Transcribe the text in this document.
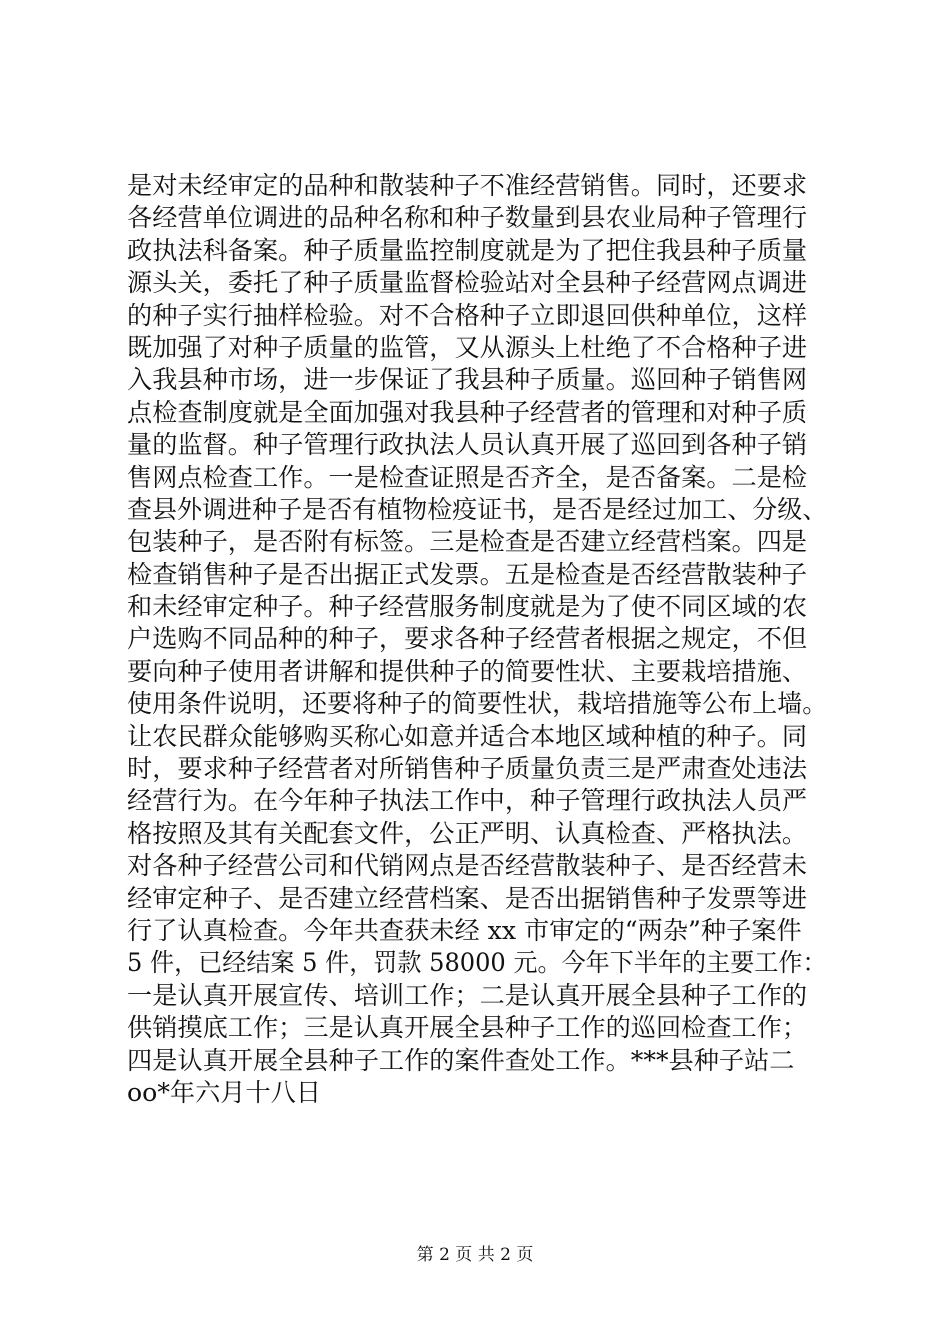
是对未经审定的品种和散装种子不准经营销售。同时，还要求
各经营单位调进的品种名称和种子数量到县农业局种子管理行
政执法科备案。种子质量监控制度就是为了把住我县种子质量
源头关，委托了种子质量监督检验站对全县种子经营网点调进
的种子实行抽样检验。对不合格种子立即退回供种单位，这样
既加强了对种子质量的监管，又从源头上杜绝了不合格种子进
入我县种市场，进一步保证了我县种子质量。巡回种子销售网
点检查制度就是全面加强对我县种子经营者的管理和对种子质
量的监督。种子管理行政执法人员认真开展了巡回到各种子销
售网点检查工作。一是检查证照是否齐全，是否备案。二是检
查县外调进种子是否有植物检疫证书，是否是经过加工、分级、
包装种子，是否附有标签。三是检查是否建立经营档案。四是
检查销售种子是否出据正式发票。五是检查是否经营散装种子
和未经审定种子。种子经营服务制度就是为了使不同区域的农
户选购不同品种的种子，要求各种子经营者根据之规定，不但
要向种子使用者讲解和提供种子的简要性状、主要栽培措施、
使用条件说明，还要将种子的简要性状，栽培措施等公布上墙。
让农民群众能够购买称心如意并适合本地区域种植的种子。同
时，要求种子经营者对所销售种子质量负责三是严肃查处违法
经营行为。在今年种子执法工作中，种子管理行政执法人员严
格按照及其有关配套文件，公正严明、认真检查、严格执法。
对各种子经营公司和代销网点是否经营散装种子、是否经营未
经审定种子、是否建立经营档案、是否出据销售种子发票等进
行了认真检查。今年共查获未经 xx 市审定的“两杂”种子案件
5 件，已经结案 5 件，罚款 58000 元。今年下半年的主要工作：
一是认真开展宣传、培训工作；二是认真开展全县种子工作的
供销摸底工作；三是认真开展全县种子工作的巡回检查工作；
四是认真开展全县种子工作的案件查处工作。***县种子站二
oo*年六月十八日
第 2 页 共 2 页
